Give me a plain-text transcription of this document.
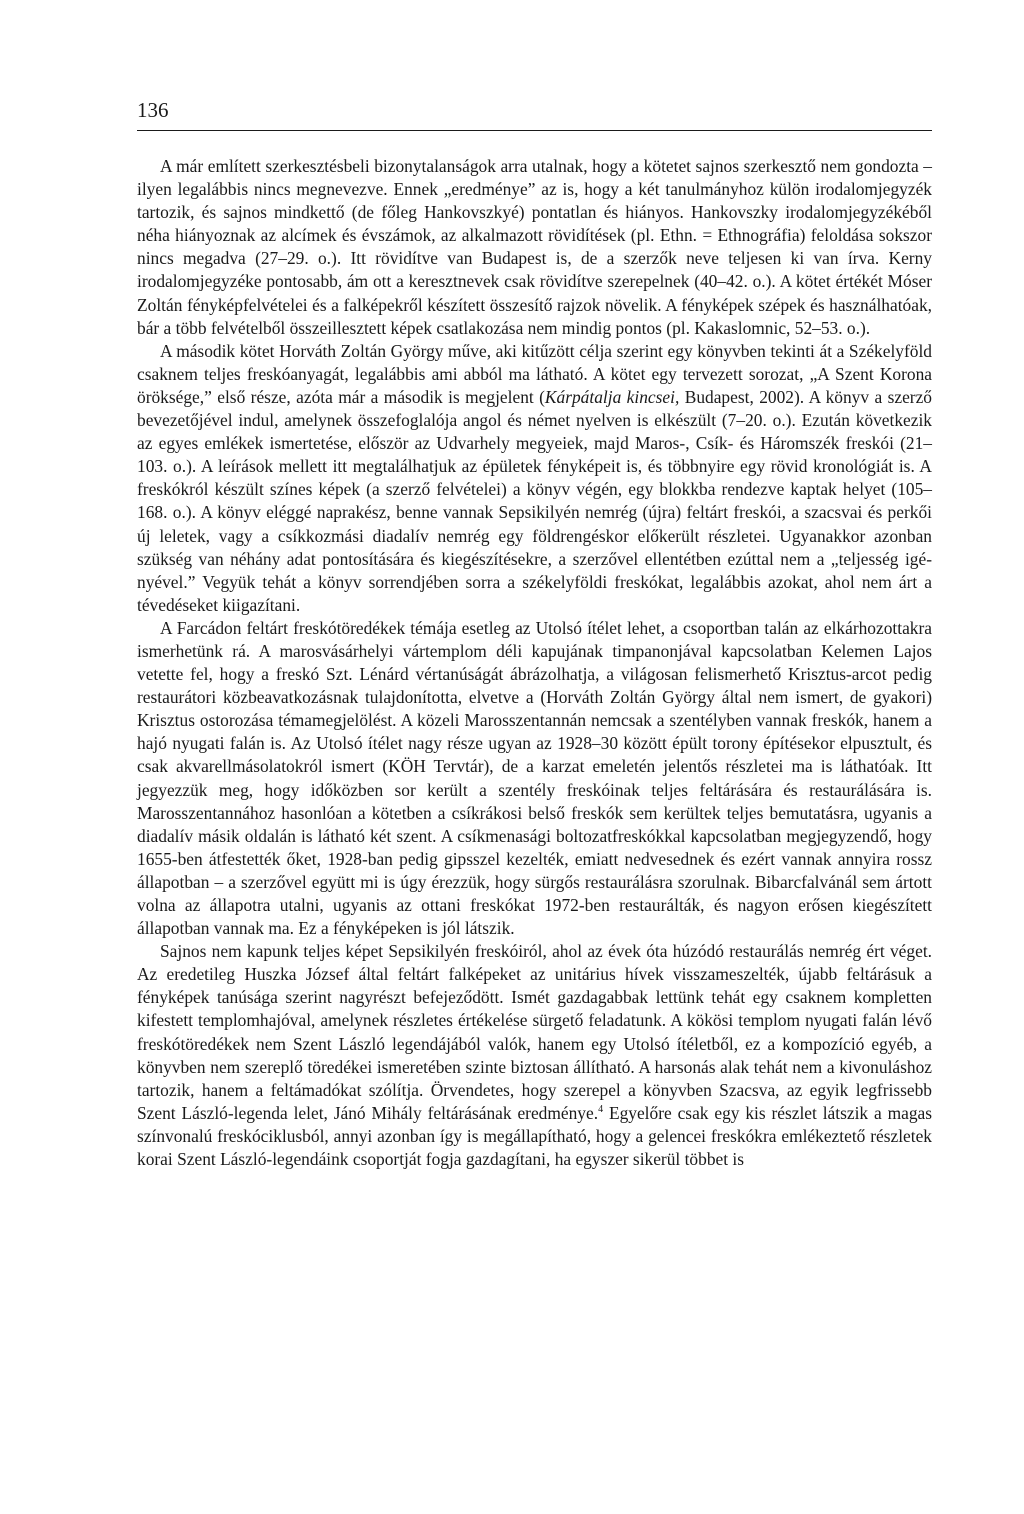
136

A már említett szerkesztésbeli bizonytalanságok arra utalnak, hogy a kötetet sajnos szerkesztő nem gondozta – ilyen legalábbis nincs megnevezve. Ennek „eredménye” az is, hogy a két tanulmányhoz külön irodalomjegyzék tartozik, és sajnos mindkettő (de főleg Hankovszkyé) pontatlan és hiányos. Hankovszky irodalomjegyzékéből néha hiányoznak az alcímek és évszámok, az alkalmazott rövidítések (pl. Ethn. = Ethnográfia) feloldása sokszor nincs megadva (27–29. o.). Itt rövidítve van Budapest is, de a szerzők neve teljesen ki van írva. Kerny irodalomjegyzéke pontosabb, ám ott a keresztnevek csak rövidítve szerepelnek (40–42. o.). A kötet értékét Móser Zoltán fényképfelvételei és a falképekről készített összesítő rajzok növelik. A fényképek szépek és használhatóak, bár a több felvételből összeillesztett képek csatlakozása nem mindig pontos (pl. Kakaslomnic, 52–53. o.).

A második kötet Horváth Zoltán György műve, aki kitűzött célja szerint egy könyvben tekinti át a Székelyföld csaknem teljes freskóanyagát, legalábbis ami abból ma látható. A kötet egy tervezett sorozat, „A Szent Korona öröksége,” első része, azóta már a második is megjelent (Kárpátalja kincsei, Budapest, 2002). A könyv a szerző bevezetőjével indul, amelynek összefoglalója angol és német nyelven is elkészült (7–20. o.). Ezután következik az egyes emlékek ismertetése, először az Udvarhely megyeiek, majd Maros-, Csík- és Háromszék freskói (21–103. o.). A leírások mellett itt megtalálhatjuk az épületek fényképeit is, és többnyire egy rövid kronológiát is. A freskókról készült színes képek (a szerző felvételei) a könyv végén, egy blokkba rendezve kaptak helyet (105–168. o.). A könyv eléggé naprakész, benne vannak Sepsikilyén nemrég (újra) feltárt freskói, a szacsvai és perkői új leletek, vagy a csíkkozmási diadalív nemrég egy földrengéskor előkerült részletei. Ugyanakkor azonban szükség van néhány adat pontosítására és kiegészítésekre, a szerzővel ellentétben ezúttal nem a „teljesség igényével.” Vegyük tehát a könyv sorrendjében sorra a székelyföldi freskókat, legalábbis azokat, ahol nem árt a tévedéseket kiigazítani.

A Farcádon feltárt freskótöredékek témája esetleg az Utolsó ítélet lehet, a csoportban talán az elkárhozottakra ismerhetünk rá. A marosvásárhelyi vártemplom déli kapujának timpanonjával kapcsolatban Kelemen Lajos vetette fel, hogy a freskó Szt. Lénárd vértanúságát ábrázolhatja, a világosan felismerhető Krisztus-arcot pedig restaurátori közbeavatkozásnak tulajdonította, elvetve a (Horváth Zoltán György által nem ismert, de gyakori) Krisztus ostorozása témamegjelölést. A közeli Marosszentannán nemcsak a szentélyben vannak freskók, hanem a hajó nyugati falán is. Az Utolsó ítélet nagy része ugyan az 1928–30 között épült torony építésekor elpusztult, és csak akvarellmásolatokról ismert (KÖH Tervtár), de a karzat emeletén jelentős részletei ma is láthatóak. Itt jegyezzük meg, hogy időközben sor került a szentély freskóinak teljes feltárására és restaurálására is. Marosszentannához hasonlóan a kötetben a csíkrákosi belső freskók sem kerültek teljes bemutatásra, ugyanis a diadalív másik oldalán is látható két szent. A csíkmenasági boltozatfreskókkal kapcsolatban megjegyzendő, hogy 1655-ben átfestették őket, 1928-ban pedig gipsszel kezelték, emiatt nedvesednek és ezért vannak annyira rossz állapotban – a szerzővel együtt mi is úgy érezzük, hogy sürgős restaurálásra szorulnak. Bibarcfalvánál sem ártott volna az állapotra utalni, ugyanis az ottani freskókat 1972-ben restaurálták, és nagyon erősen kiegészített állapotban vannak ma. Ez a fényképeken is jól látszik.

Sajnos nem kapunk teljes képet Sepsikilyén freskóiról, ahol az évek óta húzódó restaurálás nemrég ért véget. Az eredetileg Huszka József által feltárt falképeket az unitárius hívek visszameszelték, újabb feltárásuk a fényképek tanúsága szerint nagyrészt befejeződött. Ismét gazdagabbak lettünk tehát egy csaknem kompletten kifestett templomhajóval, amelynek részletes értékelése sürgető feladatunk. A kökösi templom nyugati falán lévő freskótöredékek nem Szent László legendájából valók, hanem egy Utolsó ítéletből, ez a kompozíció egyéb, a könyvben nem szereplő töredékei ismeretében szinte biztosan állítható. A harsonás alak tehát nem a kivonuláshoz tartozik, hanem a feltámadókat szólítja. Örvendetes, hogy szerepel a könyvben Szacsva, az egyik legfrissebb Szent László-legenda lelet, Jánó Mihály feltárásának eredménye.$^4$ Egyelőre csak egy kis részlet látszik a magas színvonalú freskóciklusból, annyi azonban így is megállapítható, hogy a gelencei freskókra emlékeztető részletek korai Szent László-legendáink csoportját fogja gazdagítani, ha egyszer sikerül többet is
